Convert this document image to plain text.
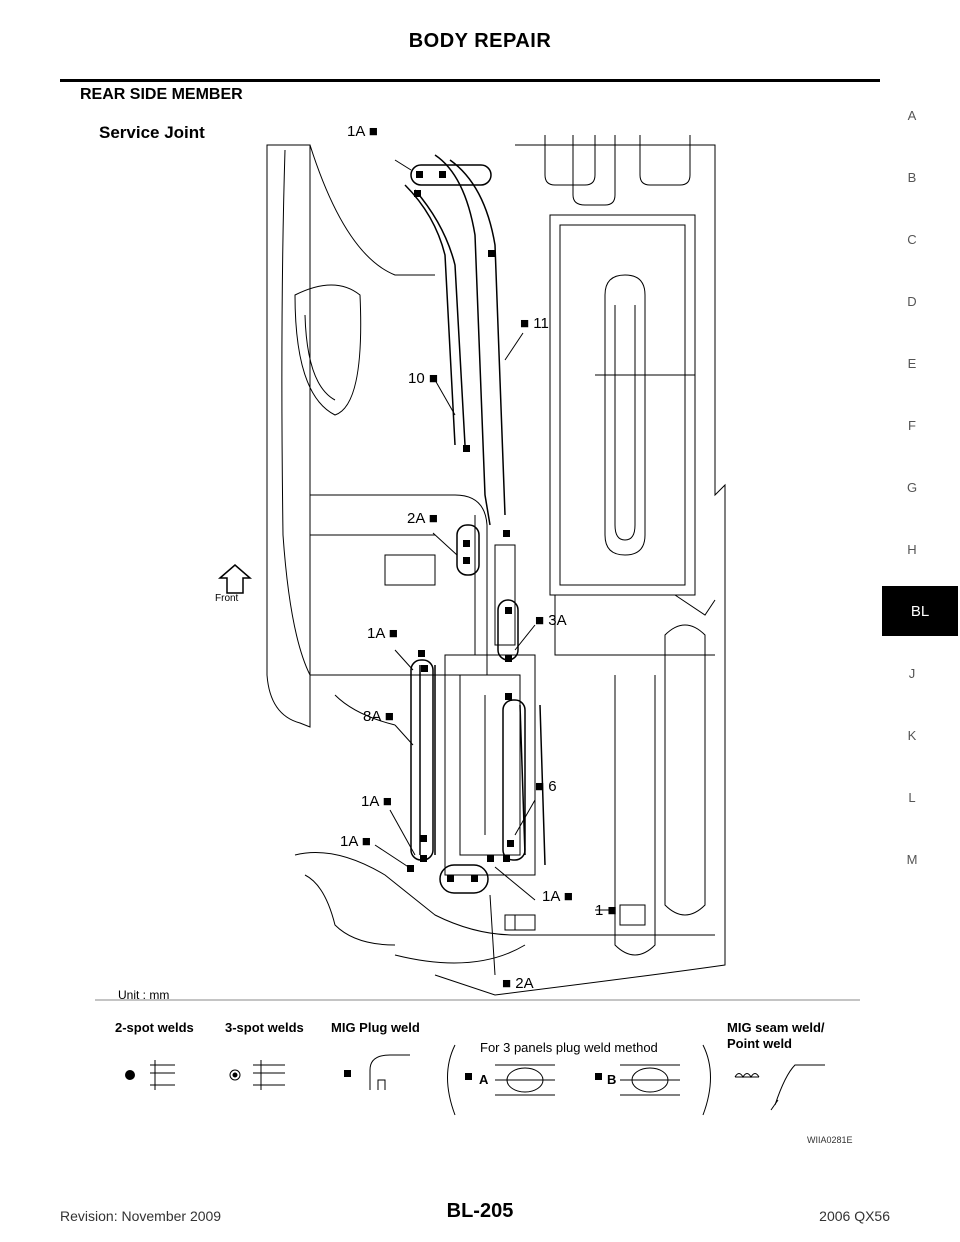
BODY REPAIR
REAR SIDE MEMBER
A
B
C
D
E
F
G
H
BL
J
K
L
M
Service Joint	1A ■
■ 11
10 ■
2A ■
■ 3A
1A ■
8A ■
■ 6
1A ■
1A ■
1A ■
1 ■
■ 2A
Front
Unit : mm
2-spot welds 3-spot welds MIG Plug weld
For 3 panels plug weld method
MIG seam weld/
Point weld
A	B
WIIA0281E
Revision: November 2009	BL-205	2006 QX56
